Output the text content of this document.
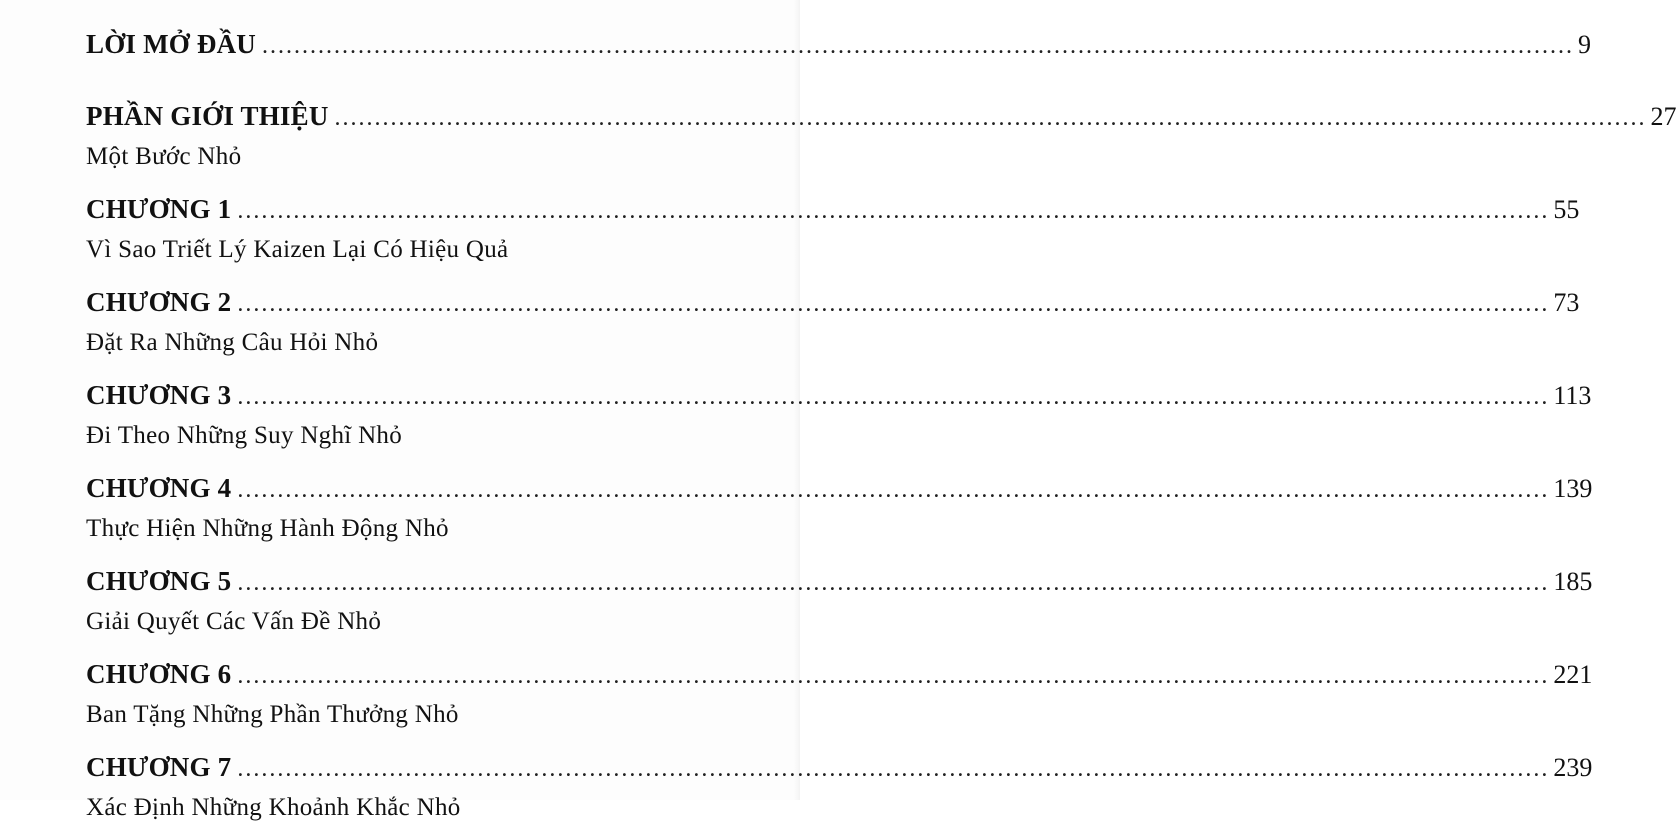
LỜI MỞ ĐẦU .....	9
PHẦN GIỚI THIỆU .....	27
Một Bước Nhỏ
CHƯƠNG 1 .....	55
Vì Sao Triết Lý Kaizen Lại Có Hiệu Quả
CHƯƠNG 2 .....	73
Đặt Ra Những Câu Hỏi Nhỏ
CHƯƠNG 3 .....	113
Đi Theo Những Suy Nghĩ Nhỏ
CHƯƠNG 4 .....	139
Thực Hiện Những Hành Động Nhỏ
CHƯƠNG 5 .....	185
Giải Quyết Các Vấn Đề Nhỏ
CHƯƠNG 6 .....	221
Ban Tặng Những Phần Thưởng Nhỏ
CHƯƠNG 7 .....	239
Xác Định Những Khoảnh Khắc Nhỏ
